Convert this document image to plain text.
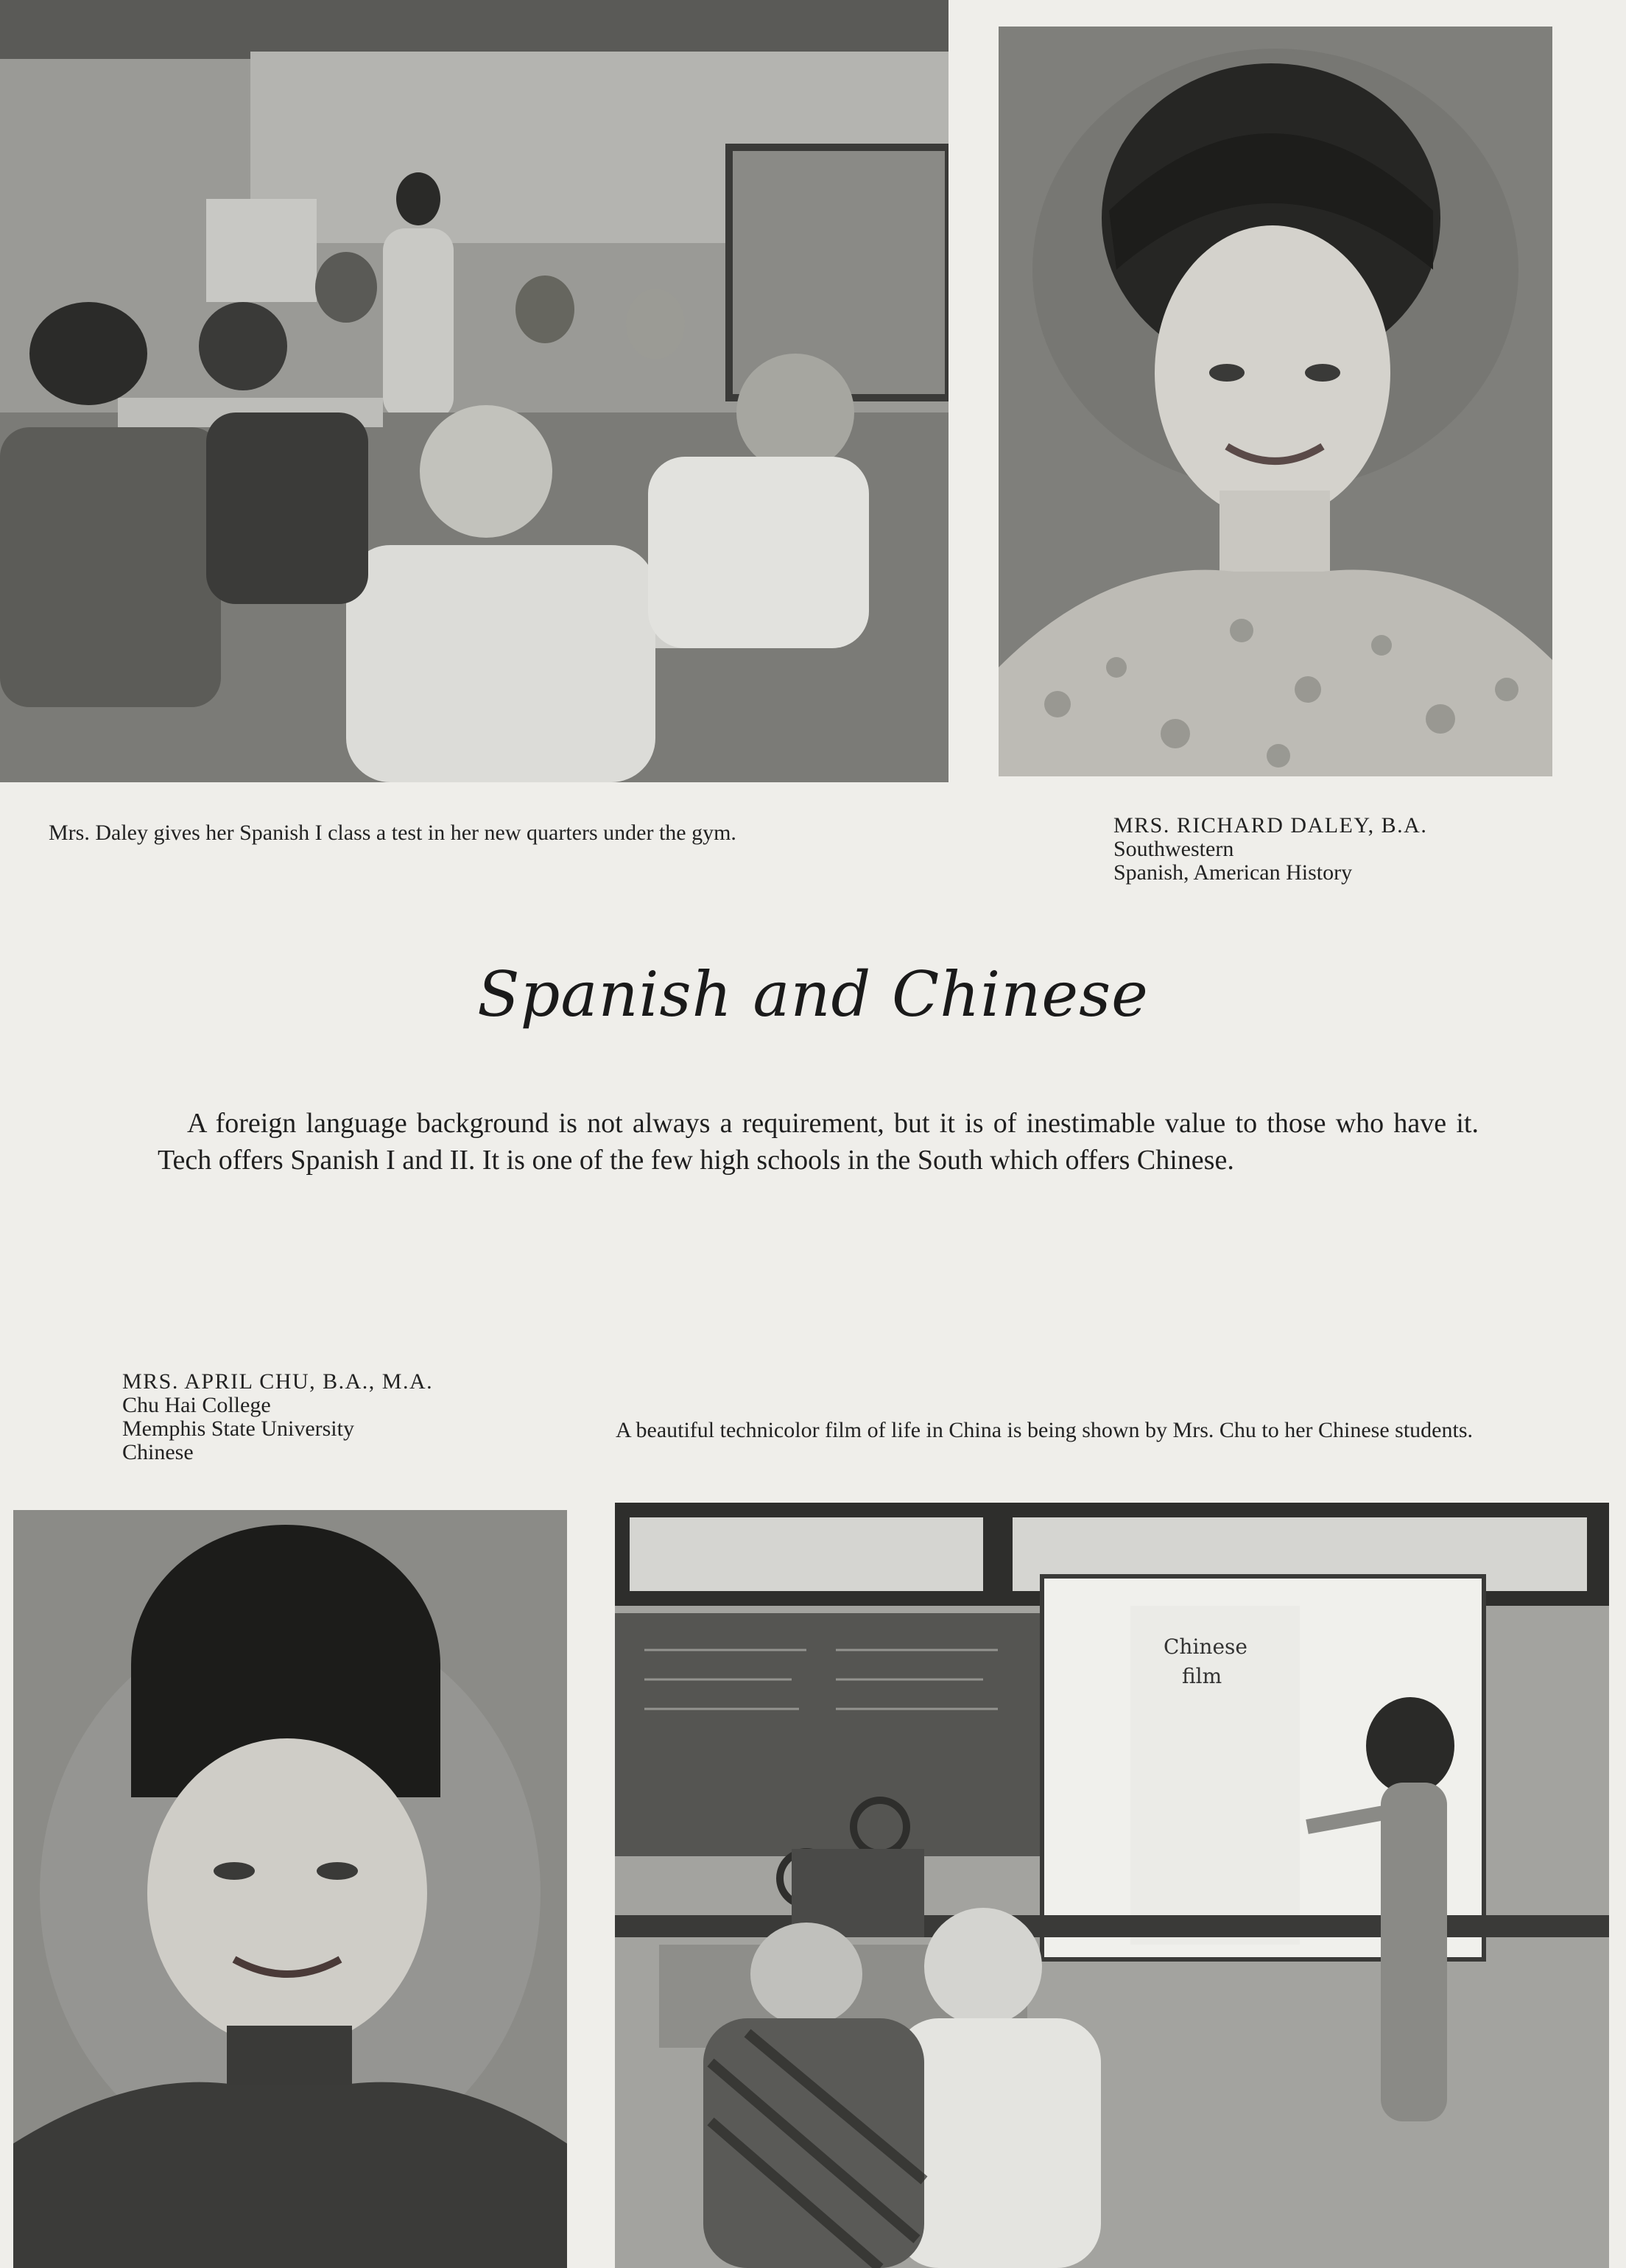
Mrs. Daley gives her Spanish I class a test in her new quarters under the gym.	MRS. RICHARD DALEY, B.A.
Southwestern
Spanish, American History
Spanish and Chinese

A foreign language background is not always a requirement, but it is of inestimable value to those who have it. Tech offers Spanish I and II. It is one of the few high schools in the South which offers Chinese.

MRS. APRIL CHU, B.A., M.A.
Chu Hai College
Memphis State University
Chinese
A beautiful technicolor film of life in China is being shown by Mrs. Chu to her Chinese students.
Chinese
film
